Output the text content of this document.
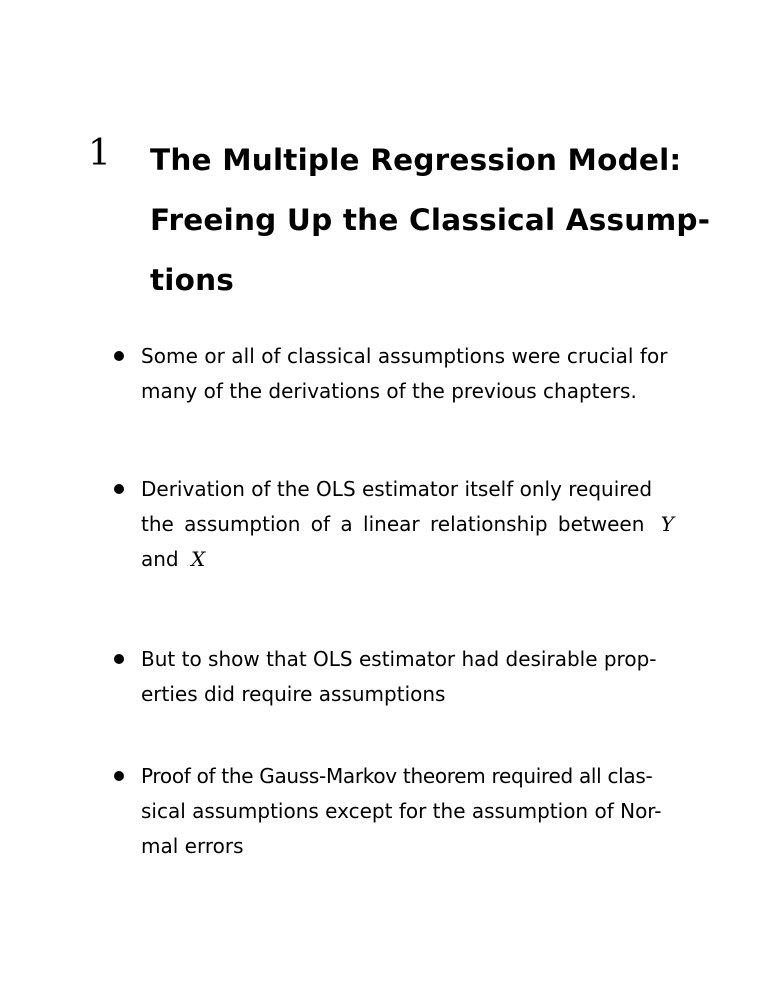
1 The Multiple Regression Model:
Freeing Up the Classical Assump-
tions
Some or all of classical assumptions were crucial for
many of the derivations of the previous chapters.
Derivation of the OLS estimator itself only required
the assumption of a linear relationship between Y
and X
But to show that OLS estimator had desirable prop-
erties did require assumptions
Proof of the Gauss-Markov theorem required all clas-
sical assumptions except for the assumption of Nor-
mal errors
